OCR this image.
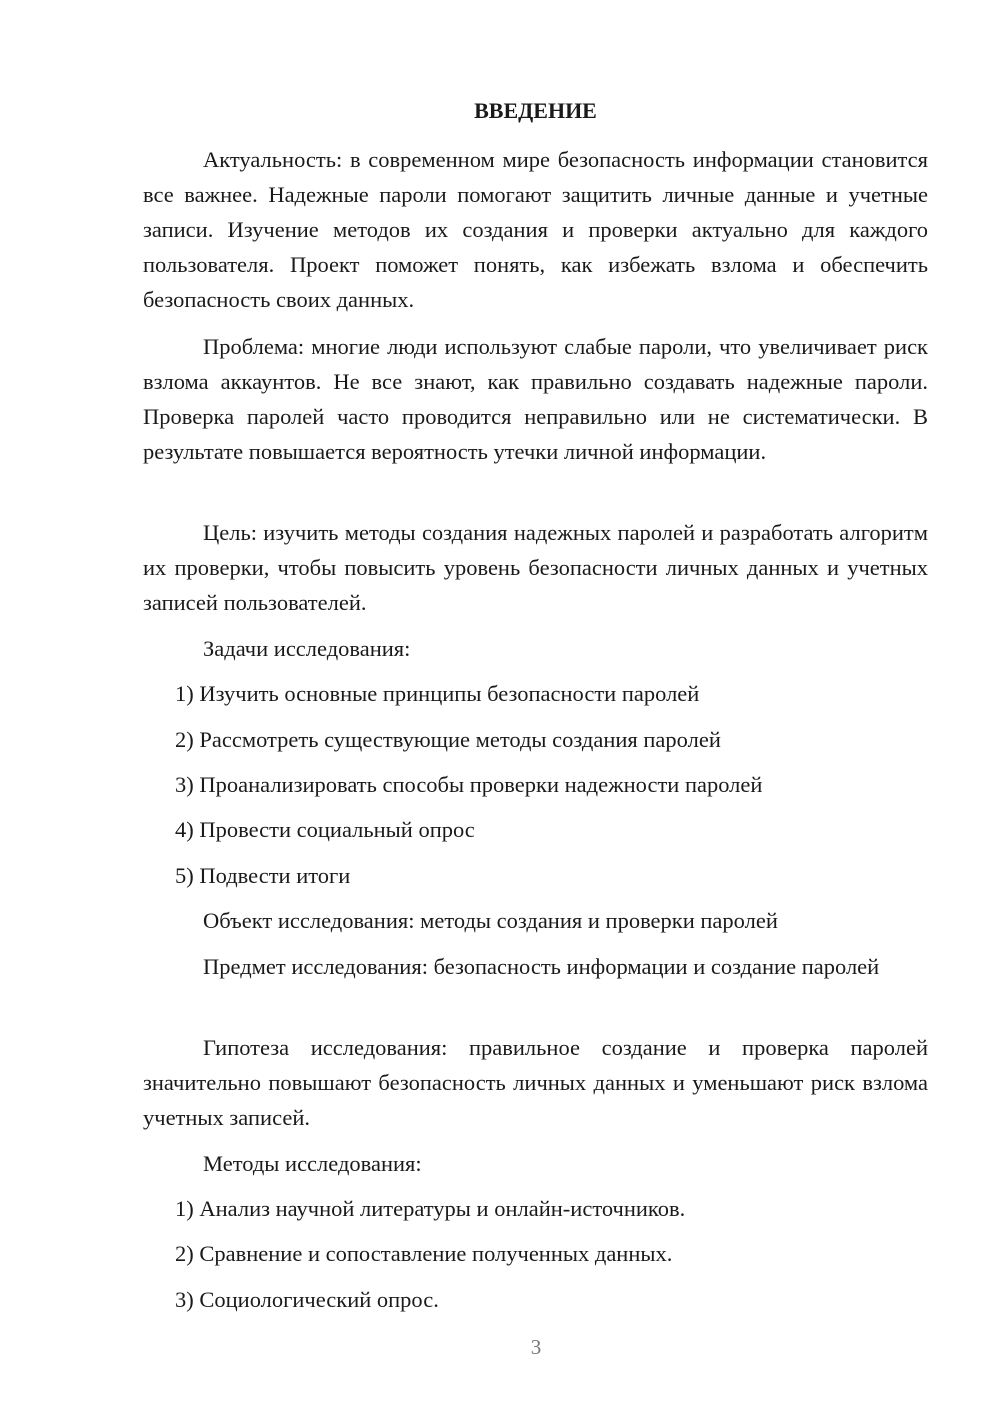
ВВЕДЕНИЕ

Актуальность: в современном мире безопасность информации становится все важнее. Надежные пароли помогают защитить личные данные и учетные записи. Изучение методов их создания и проверки актуально для каждого пользователя. Проект поможет понять, как избежать взлома и обеспечить безопасность своих данных.

Проблема: многие люди используют слабые пароли, что увеличивает риск взлома аккаунтов. Не все знают, как правильно создавать надежные пароли. Проверка паролей часто проводится неправильно или не систематически. В результате повышается вероятность утечки личной информации.

Цель: изучить методы создания надежных паролей и разработать алгоритм их проверки, чтобы повысить уровень безопасности личных данных и учетных записей пользователей.

Задачи исследования:

1) Изучить основные принципы безопасности паролей

2) Рассмотреть существующие методы создания паролей

3) Проанализировать способы проверки надежности паролей

4) Провести социальный опрос

5) Подвести итоги

Объект исследования: методы создания и проверки паролей

Предмет исследования: безопасность информации и создание паролей

Гипотеза исследования: правильное создание и проверка паролей значительно повышают безопасность личных данных и уменьшают риск взлома учетных записей.

Методы исследования:

1) Анализ научной литературы и онлайн-источников.

2) Сравнение и сопоставление полученных данных.

3) Социологический опрос.

3
